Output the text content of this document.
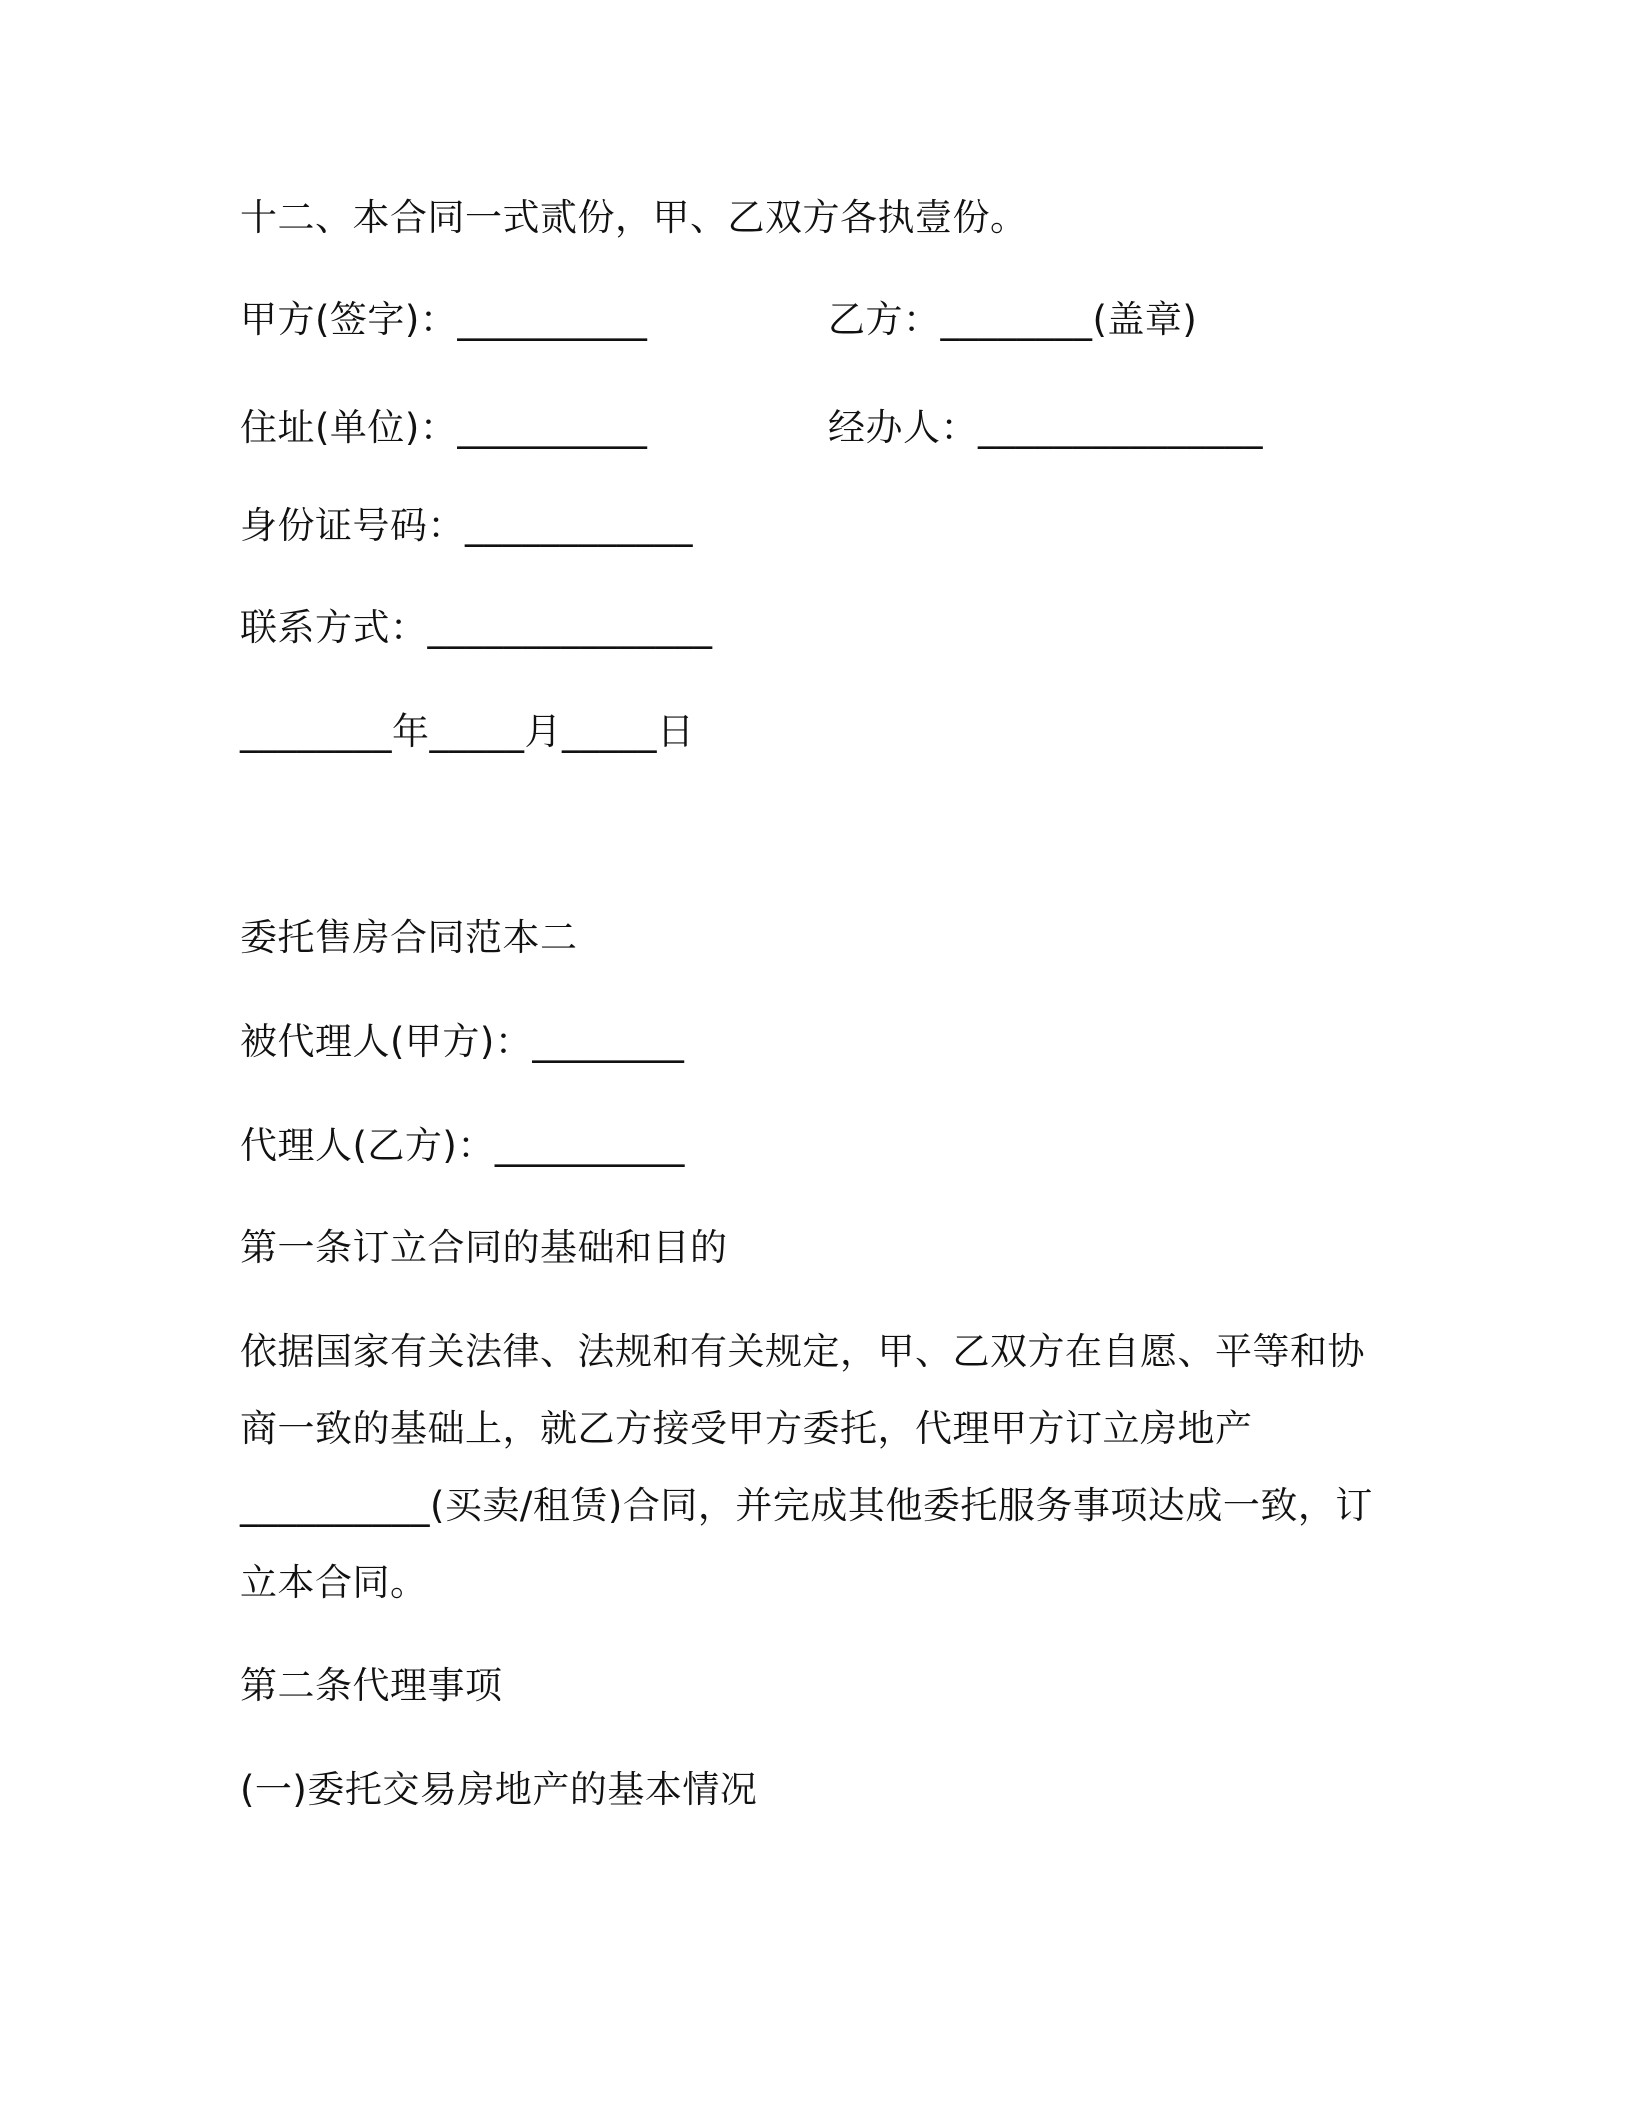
十二、本合同一式贰份，甲、乙双方各执壹份。
甲方(签字)：__________	乙方：________(盖章)
住址(单位)：__________	经办人：_______________
身份证号码：____________
联系方式：_______________
________年_____月_____日
委托售房合同范本二
被代理人(甲方)：________
代理人(乙方)：__________
第一条订立合同的基础和目的
依据国家有关法律、法规和有关规定，甲、乙双方在自愿、平等和协商一致的基础上，就乙方接受甲方委托，代理甲方订立房地产__________(买卖/租赁)合同，并完成其他委托服务事项达成一致，订立本合同。
第二条代理事项
(一)委托交易房地产的基本情况
